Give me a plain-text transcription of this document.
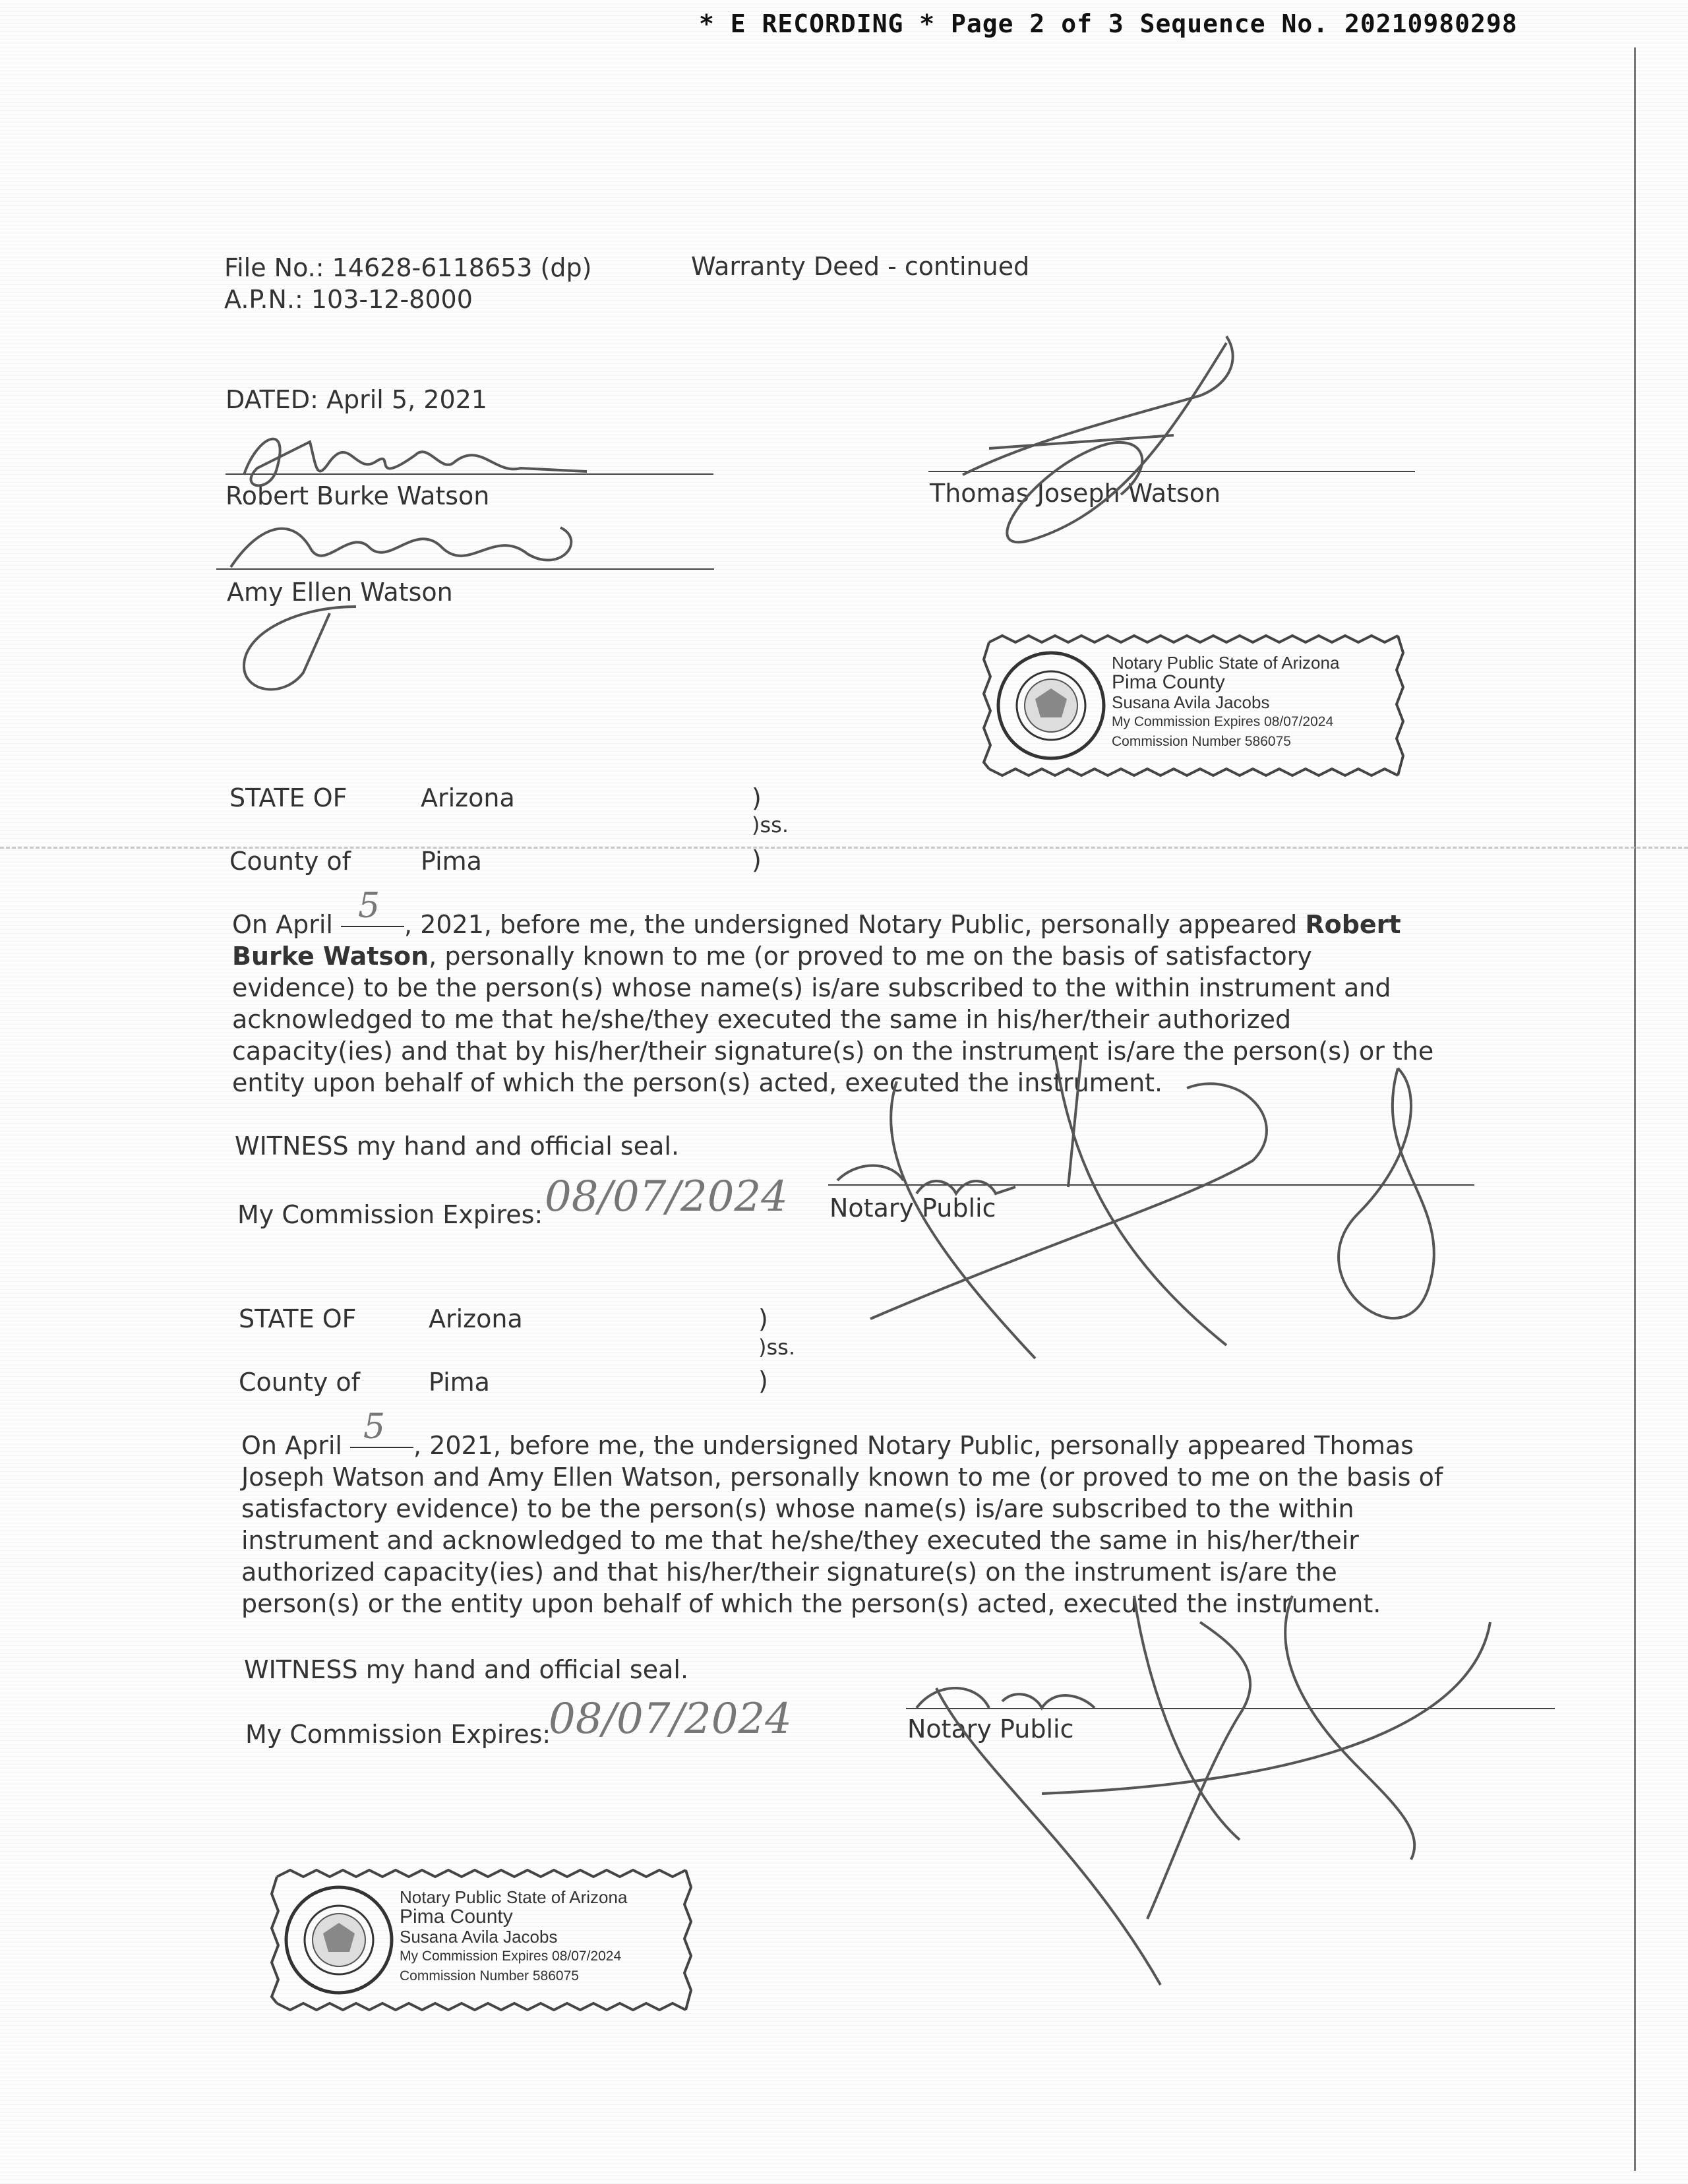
* E RECORDING * Page 2 of 3 Sequence No. 20210980298
File No.: 14628-6118653 (dp)
A.P.N.: 103-12-8000
Warranty Deed - continued
DATED: April 5, 2021
Robert Burke Watson
Amy Ellen Watson
Thomas Joseph Watson
Notary Public State of Arizona
Pima County
Susana Avila Jacobs
My Commission Expires 08/07/2024
Commission Number 586075
STATE OF	Arizona	)
)ss.
County of	Pima	)
On April 5 , 2021, before me, the undersigned Notary Public, personally appeared Robert Burke Watson, personally known to me (or proved to me on the basis of satisfactory evidence) to be the person(s) whose name(s) is/are subscribed to the within instrument and acknowledged to me that he/she/they executed the same in his/her/their authorized capacity(ies) and that by his/her/their signature(s) on the instrument is/are the person(s) or the entity upon behalf of which the person(s) acted, executed the instrument.
WITNESS my hand and official seal.
My Commission Expires: 08/07/2024 Notary Public
STATE OF	Arizona	)
)ss.
County of	Pima	)
On April 5 , 2021, before me, the undersigned Notary Public, personally appeared Thomas Joseph Watson and Amy Ellen Watson, personally known to me (or proved to me on the basis of satisfactory evidence) to be the person(s) whose name(s) is/are subscribed to the within instrument and acknowledged to me that he/she/they executed the same in his/her/their authorized capacity(ies) and that his/her/their signature(s) on the instrument is/are the person(s) or the entity upon behalf of which the person(s) acted, executed the instrument.
WITNESS my hand and official seal.
My Commission Expires:
08/07/2024	Notary Public
Notary Public State of Arizona
Pima County
Susana Avila Jacobs
My Commission Expires 08/07/2024
Commission Number 586075
